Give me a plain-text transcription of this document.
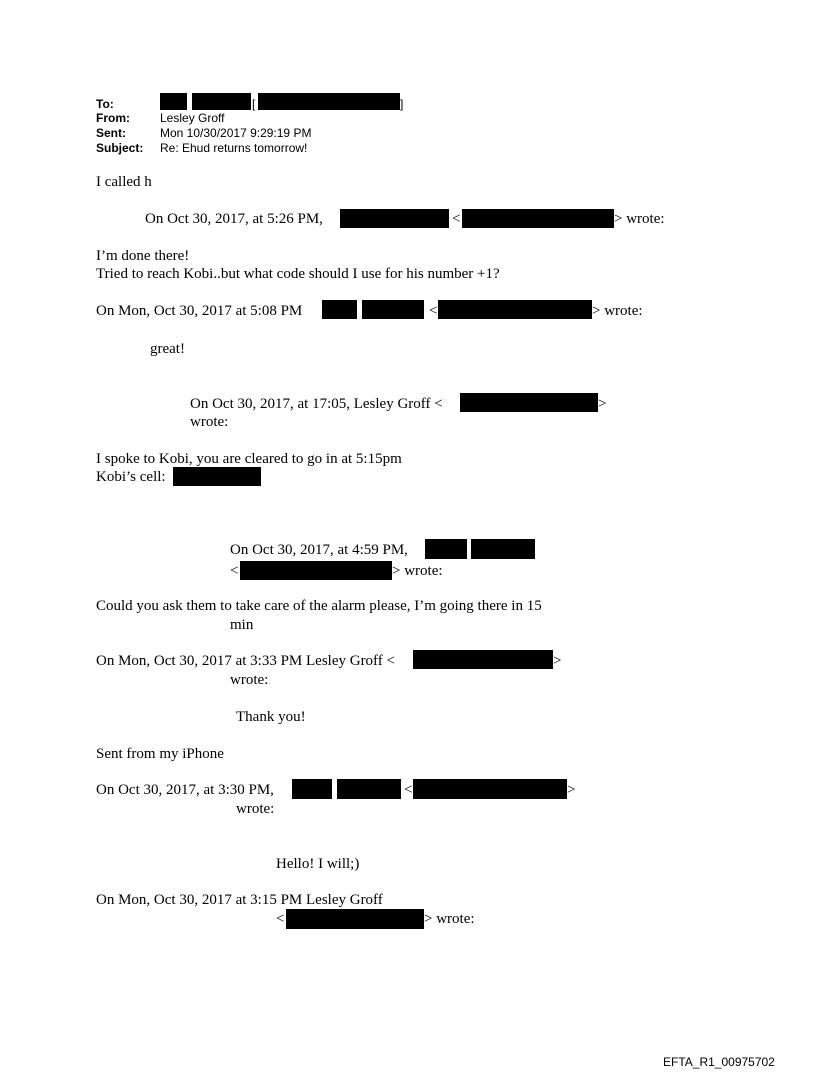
To:	[	]
From:	Lesley Groff
Sent:	Mon 10/30/2017 9:29:19 PM
Subject: Re: Ehud returns tomorrow!
I called h
On Oct 30, 2017, at 5:26 PM,	<	> wrote:
I’m done there!
Tried to reach Kobi..but what code should I use for his number +1?
On Mon, Oct 30, 2017 at 5:08 PM	<	> wrote:
great!
On Oct 30, 2017, at 17:05, Lesley Groff <	>
wrote:
I spoke to Kobi, you are cleared to go in at 5:15pm
Kobi’s cell:
On Oct 30, 2017, at 4:59 PM,
<	> wrote:
Could you ask them to take care of the alarm please, I’m going there in 15
min
On Mon, Oct 30, 2017 at 3:33 PM Lesley Groff <	>
wrote:
Thank you!
Sent from my iPhone
On Oct 30, 2017, at 3:30 PM,	<	>
wrote:
Hello! I will;)
On Mon, Oct 30, 2017 at 3:15 PM Lesley Groff
<	> wrote:
EFTA_R1_00975702
